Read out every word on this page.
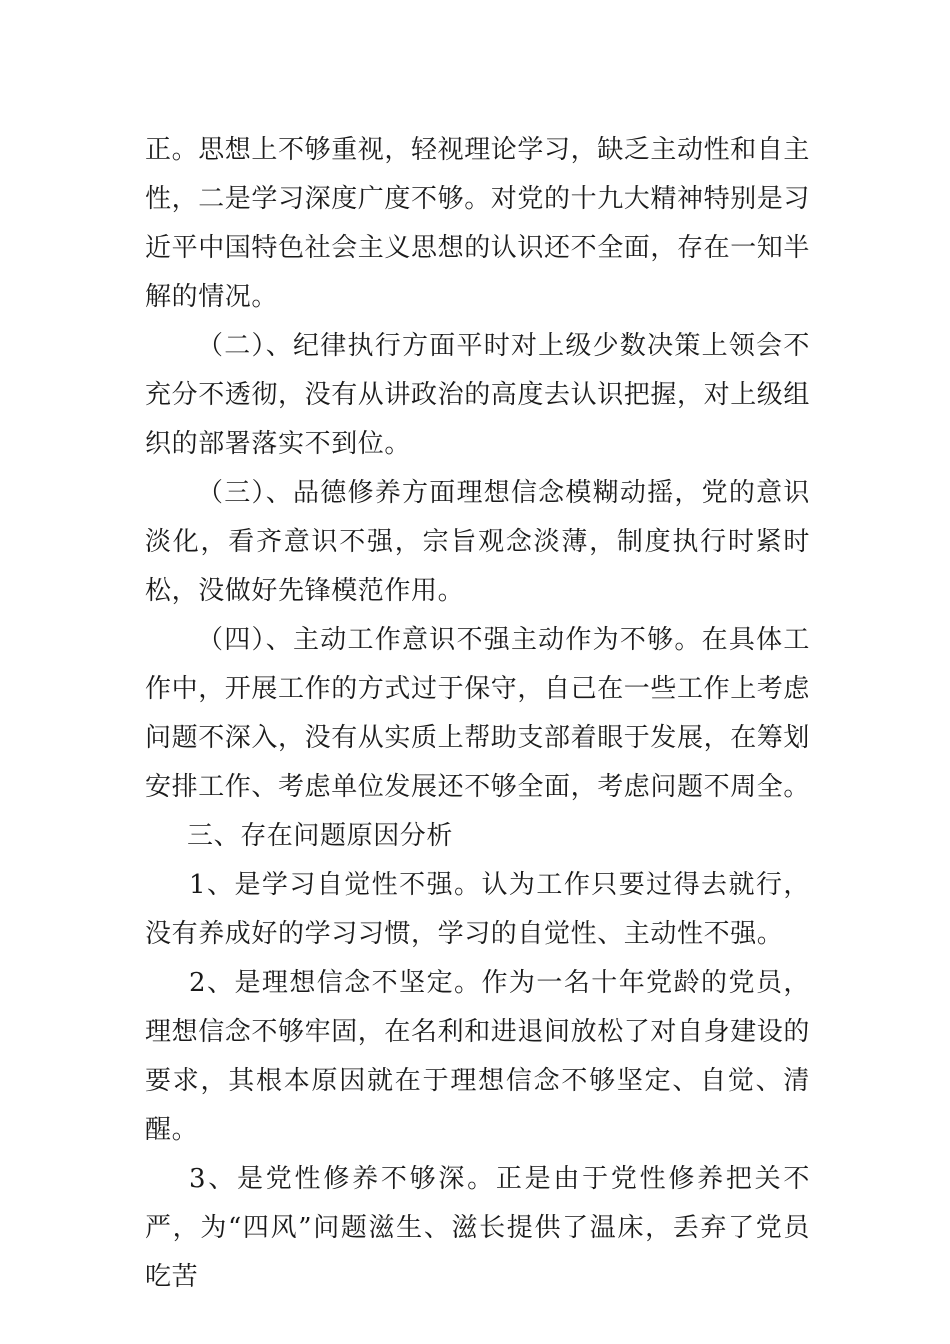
正。思想上不够重视，轻视理论学习，缺乏主动性和自主性，二是学习深度广度不够。对党的十九大精神特别是习近平中国特色社会主义思想的认识还不全面，存在一知半解的情况。

（二）、纪律执行方面平时对上级少数决策上领会不充分不透彻，没有从讲政治的高度去认识把握，对上级组织的部署落实不到位。

（三）、品德修养方面理想信念模糊动摇，党的意识淡化，看齐意识不强，宗旨观念淡薄，制度执行时紧时松，没做好先锋模范作用。

（四）、主动工作意识不强主动作为不够。在具体工作中，开展工作的方式过于保守，自己在一些工作上考虑问题不深入，没有从实质上帮助支部着眼于发展，在筹划安排工作、考虑单位发展还不够全面，考虑问题不周全。

三、存在问题原因分析

1、是学习自觉性不强。认为工作只要过得去就行，没有养成好的学习习惯，学习的自觉性、主动性不强。

2、是理想信念不坚定。作为一名十年党龄的党员，理想信念不够牢固，在名利和进退间放松了对自身建设的要求，其根本原因就在于理想信念不够坚定、自觉、清醒。

3、是党性修养不够深。正是由于党性修养把关不严，为“四风”问题滋生、滋长提供了温床，丢弃了党员吃苦
